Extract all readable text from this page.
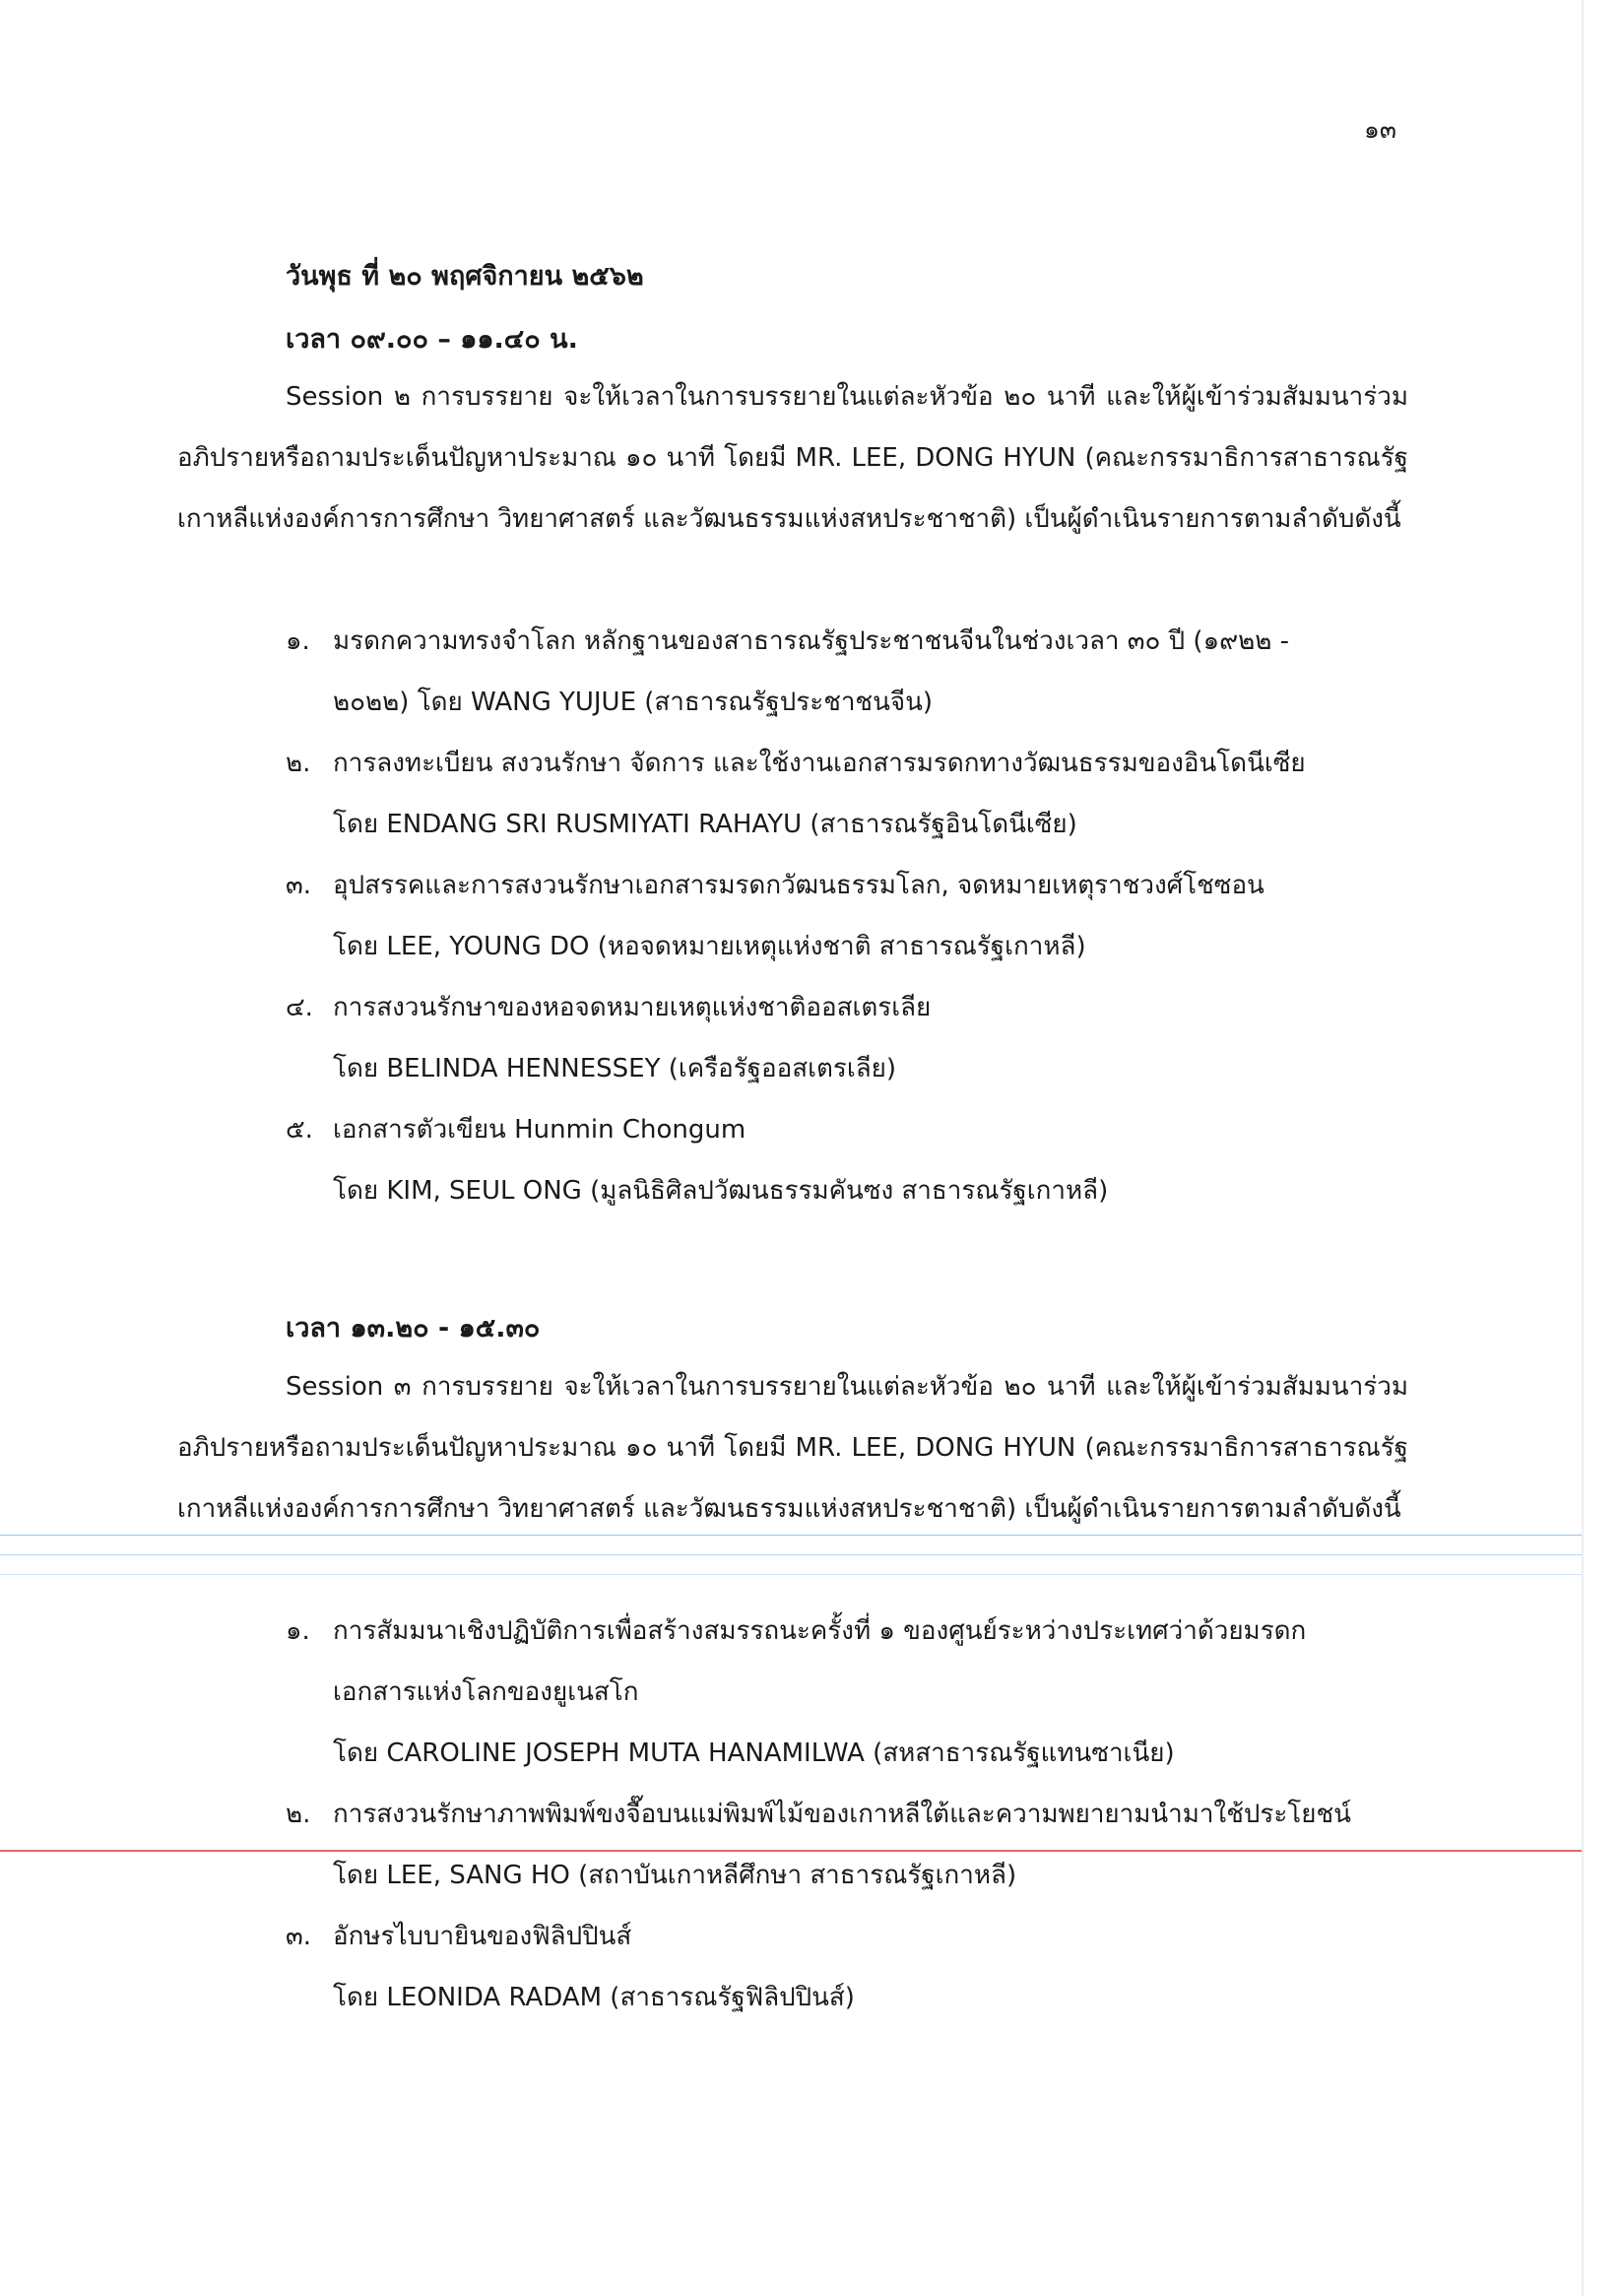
๑๓
วันพุธ ที่ ๒๐ พฤศจิกายน ๒๕๖๒
เวลา ๐๙.๐๐ – ๑๑.๔๐ น.

Session ๒ การบรรยาย จะให้เวลาในการบรรยายในแต่ละหัวข้อ ๒๐ นาที และให้ผู้เข้าร่วมสัมมนาร่วมอภิปรายหรือถามประเด็นปัญหาประมาณ ๑๐ นาที โดยมี MR. LEE, DONG HYUN (คณะกรรมาธิการสาธารณรัฐเกาหลีแห่งองค์การการศึกษา วิทยาศาสตร์ และวัฒนธรรมแห่งสหประชาชาติ) เป็นผู้ดำเนินรายการตามลำดับดังนี้

๑. มรดกความทรงจำโลก หลักฐานของสาธารณรัฐประชาชนจีนในช่วงเวลา ๓๐ ปี (๑๙๒๒ -
๒๐๒๒) โดย WANG YUJUE (สาธารณรัฐประชาชนจีน)
๒. การลงทะเบียน สงวนรักษา จัดการ และใช้งานเอกสารมรดกทางวัฒนธรรมของอินโดนีเซีย
โดย ENDANG SRI RUSMIYATI RAHAYU (สาธารณรัฐอินโดนีเซีย)
๓. อุปสรรคและการสงวนรักษาเอกสารมรดกวัฒนธรรมโลก, จดหมายเหตุราชวงศ์โชซอน
โดย LEE, YOUNG DO (หอจดหมายเหตุแห่งชาติ สาธารณรัฐเกาหลี)
๔. การสงวนรักษาของหอจดหมายเหตุแห่งชาติออสเตรเลีย
โดย BELINDA HENNESSEY (เครือรัฐออสเตรเลีย)
๕. เอกสารตัวเขียน Hunmin Chongum
โดย KIM, SEUL ONG (มูลนิธิศิลปวัฒนธรรมคันซง สาธารณรัฐเกาหลี)
เวลา ๑๓.๒๐ - ๑๕.๓๐

Session ๓ การบรรยาย จะให้เวลาในการบรรยายในแต่ละหัวข้อ ๒๐ นาที และให้ผู้เข้าร่วมสัมมนาร่วมอภิปรายหรือถามประเด็นปัญหาประมาณ ๑๐ นาที โดยมี MR. LEE, DONG HYUN (คณะกรรมาธิการสาธารณรัฐเกาหลีแห่งองค์การการศึกษา วิทยาศาสตร์ และวัฒนธรรมแห่งสหประชาชาติ) เป็นผู้ดำเนินรายการตามลำดับดังนี้

๑. การสัมมนาเชิงปฏิบัติการเพื่อสร้างสมรรถนะครั้งที่ ๑ ของศูนย์ระหว่างประเทศว่าด้วยมรดก
เอกสารแห่งโลกของยูเนสโก
โดย CAROLINE JOSEPH MUTA HANAMILWA (สหสาธารณรัฐแทนซาเนีย)
๒. การสงวนรักษาภาพพิมพ์ขงจื๊อบนแม่พิมพ์ไม้ของเกาหลีใต้และความพยายามนำมาใช้ประโยชน์
โดย LEE, SANG HO (สถาบันเกาหลีศึกษา สาธารณรัฐเกาหลี)
๓. อักษรไบบายินของฟิลิปปินส์
โดย LEONIDA RADAM (สาธารณรัฐฟิลิปปินส์)
